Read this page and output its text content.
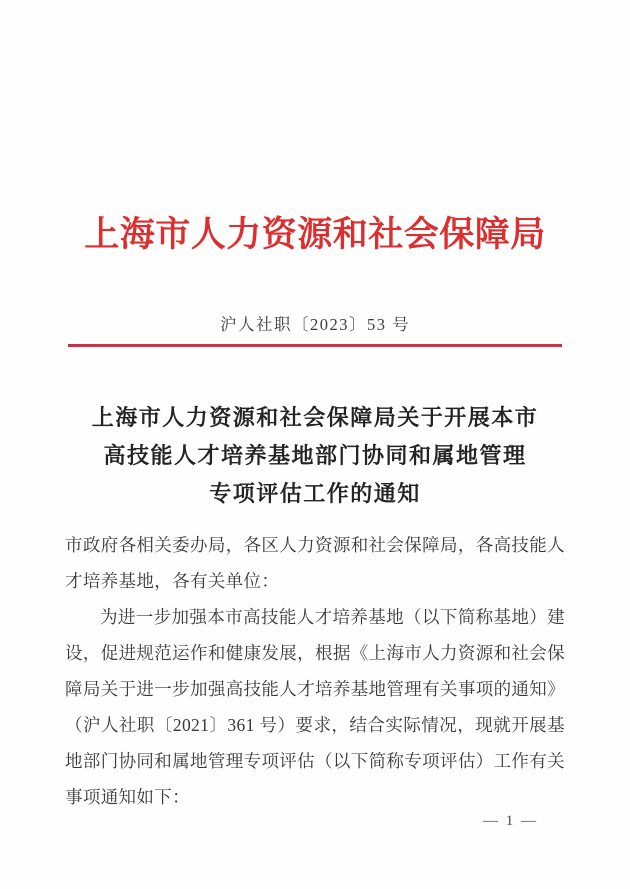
上海市人力资源和社会保障局
沪人社职〔2023〕53 号
上海市人力资源和社会保障局关于开展本市
高技能人才培养基地部门协同和属地管理
专项评估工作的通知

市政府各相关委办局，各区人力资源和社会保障局，各高技能人才培养基地，各有关单位：

为进一步加强本市高技能人才培养基地（以下简称基地）建设，促进规范运作和健康发展，根据《上海市人力资源和社会保障局关于进一步加强高技能人才培养基地管理有关事项的通知》（沪人社职〔2021〕361 号）要求，结合实际情况，现就开展基地部门协同和属地管理专项评估（以下简称专项评估）工作有关事项通知如下：

— 1 —
